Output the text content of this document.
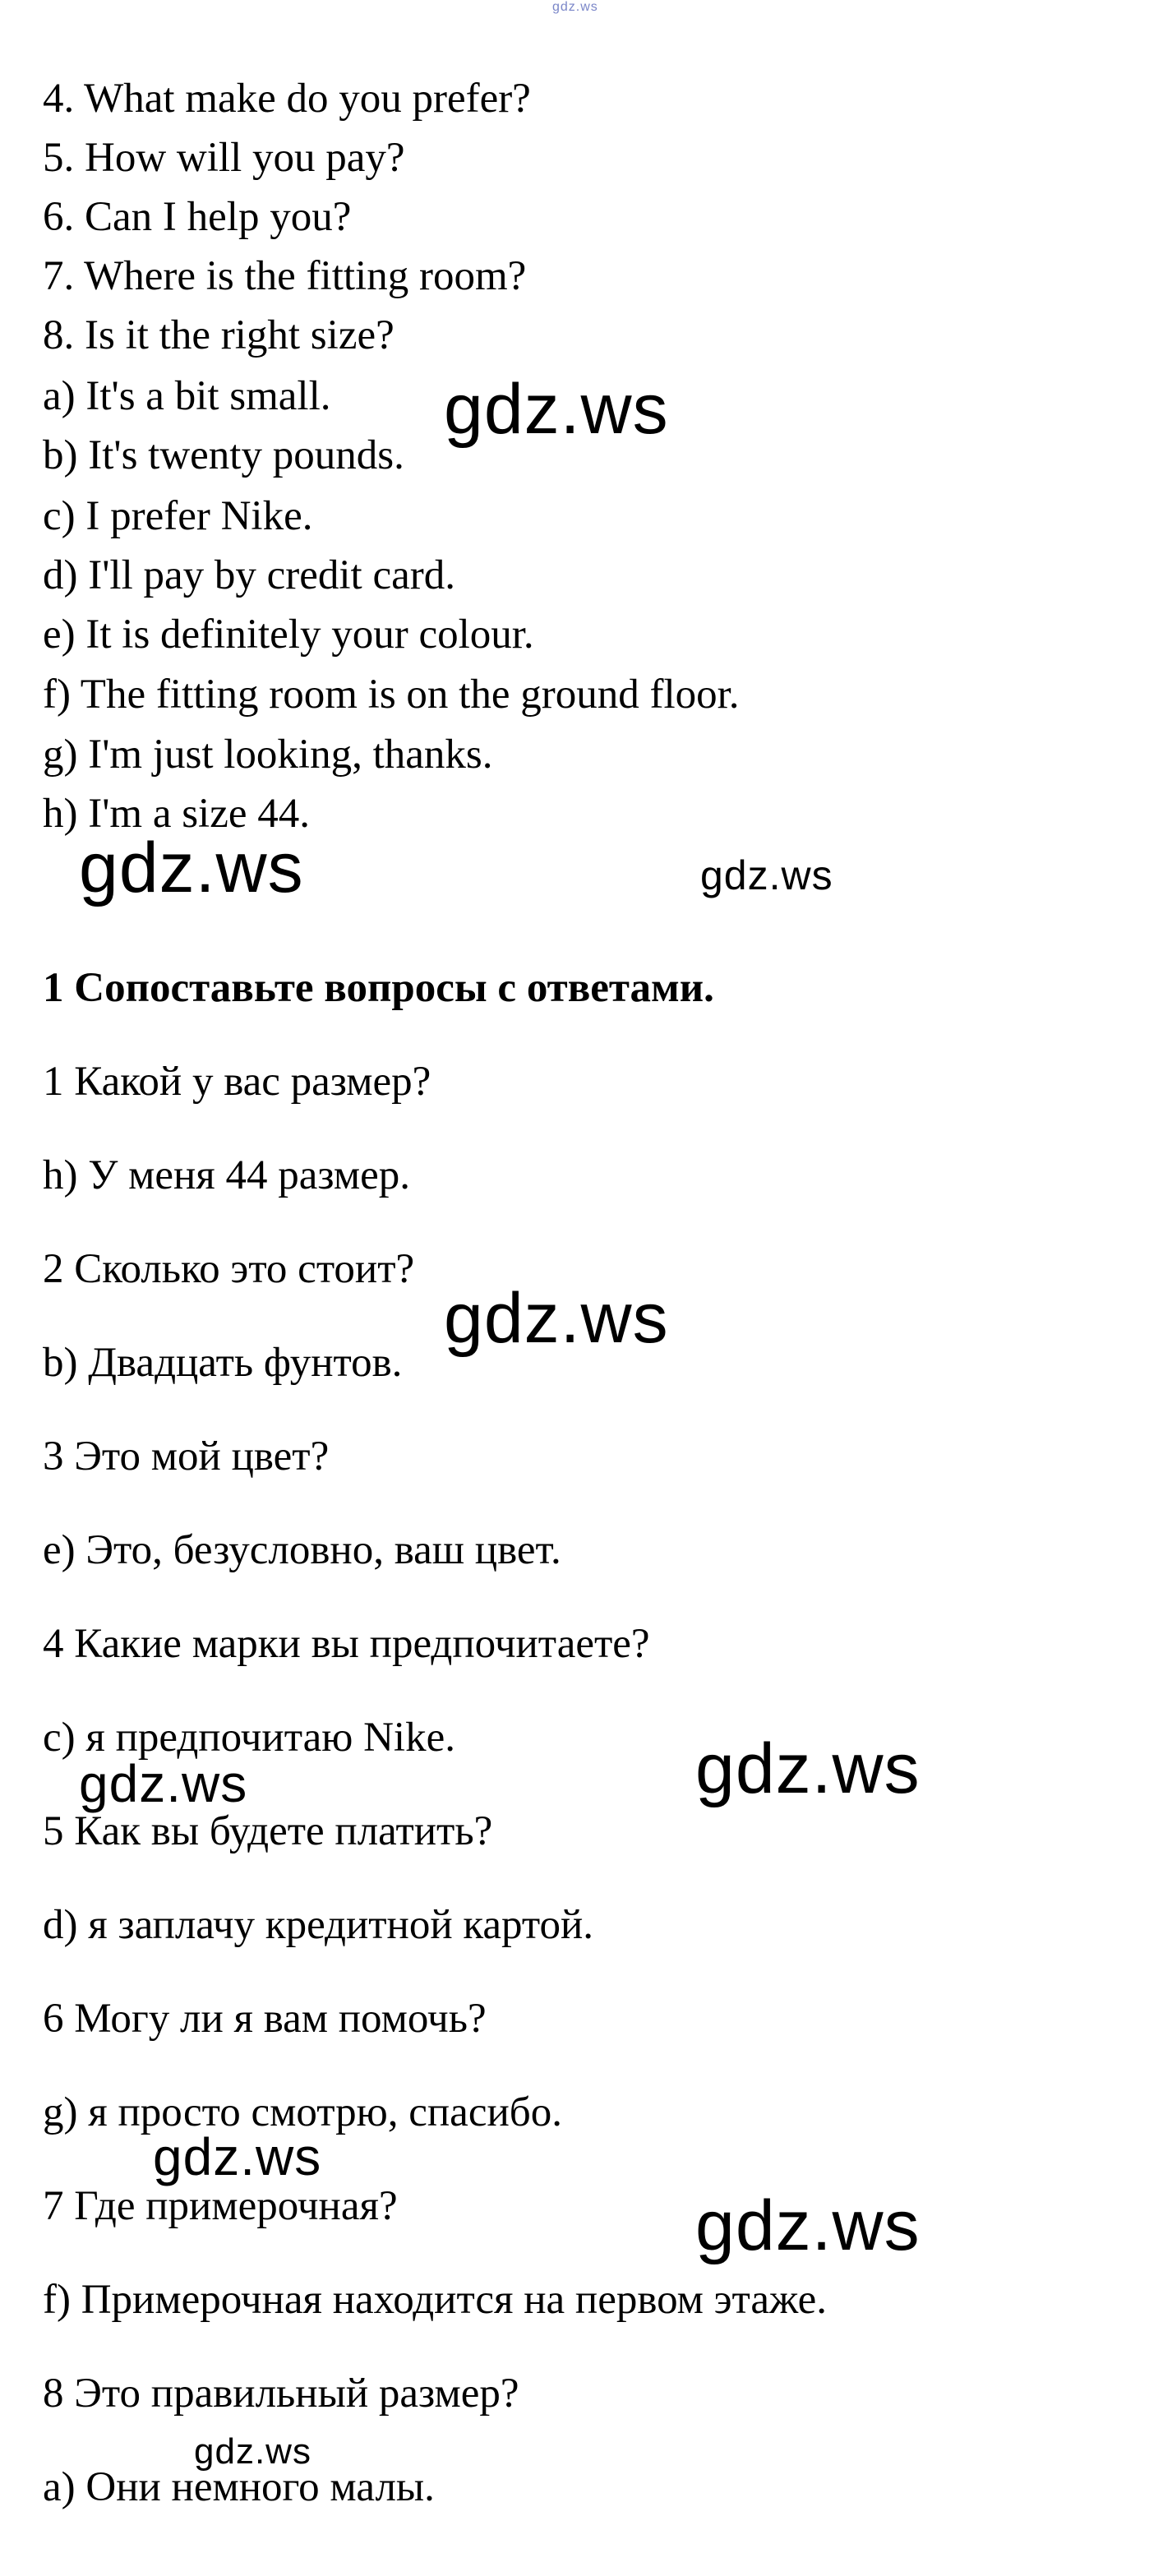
gdz.ws

4. What make do you prefer?

5. How will you pay?

6. Can I help you?

7. Where is the fitting room?

8. Is it the right size?

a) It's a bit small.

b) It's twenty pounds.

c) I prefer Nike.

d) I'll pay by credit card.

e) It is definitely your colour.

f) The fitting room is on the ground floor.

g) I'm just looking, thanks.

h) I'm a size 44.

gdz.ws

gdz.ws	gdz.ws

1 Сопоставьте вопросы с ответами.

1 Какой у вас размер?

h) У меня 44 размер.

2 Сколько это стоит?

b) Двадцать фунтов.

3 Это мой цвет?

e) Это, безусловно, ваш цвет.

4 Какие марки вы предпочитаете?

c) я предпочитаю Nike.

5 Как вы будете платить?

d) я заплачу кредитной картой.

6 Могу ли я вам помочь?

g) я просто смотрю, спасибо.

7 Где примерочная?

f) Примерочная находится на первом этаже.

8 Это правильный размер?

a) Они немного малы.

gdz.ws

gdz.ws

gdz.ws

gdz.ws

gdz.ws

gdz.ws
